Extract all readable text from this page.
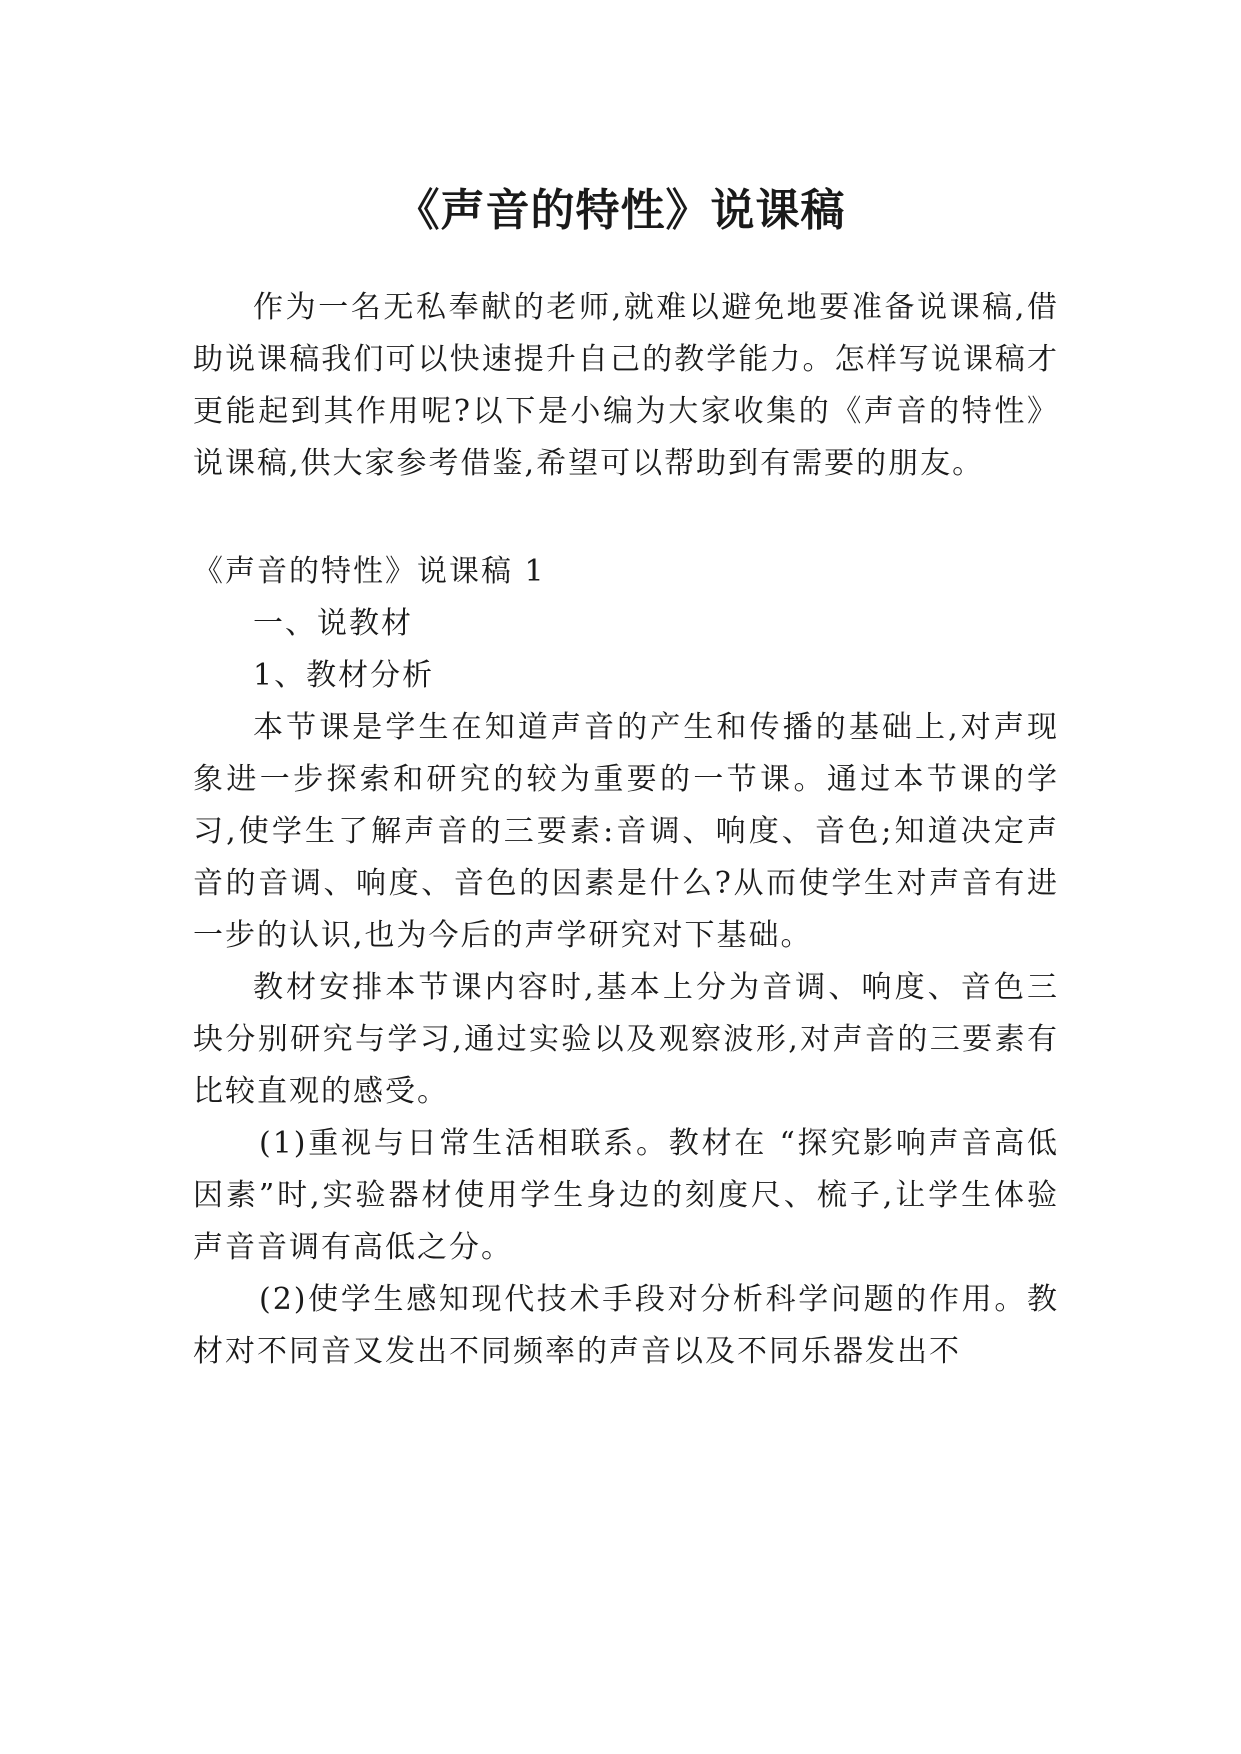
《声音的特性》说课稿

作为一名无私奉献的老师,就难以避免地要准备说课稿,借助说课稿我们可以快速提升自己的教学能力。怎样写说课稿才更能起到其作用呢?以下是小编为大家收集的《声音的特性》说课稿,供大家参考借鉴,希望可以帮助到有需要的朋友。

《声音的特性》说课稿 1

一、说教材

1、教材分析

本节课是学生在知道声音的产生和传播的基础上,对声现象进一步探索和研究的较为重要的一节课。通过本节课的学习,使学生了解声音的三要素:音调、响度、音色;知道决定声音的音调、响度、音色的因素是什么?从而使学生对声音有进一步的认识,也为今后的声学研究对下基础。

教材安排本节课内容时,基本上分为音调、响度、音色三块分别研究与学习,通过实验以及观察波形,对声音的三要素有比较直观的感受。

(1)重视与日常生活相联系。教材在 “探究影响声音高低因素”时,实验器材使用学生身边的刻度尺、梳子,让学生体验声音音调有高低之分。

(2)使学生感知现代技术手段对分析科学问题的作用。教材对不同音叉发出不同频率的声音以及不同乐器发出不
